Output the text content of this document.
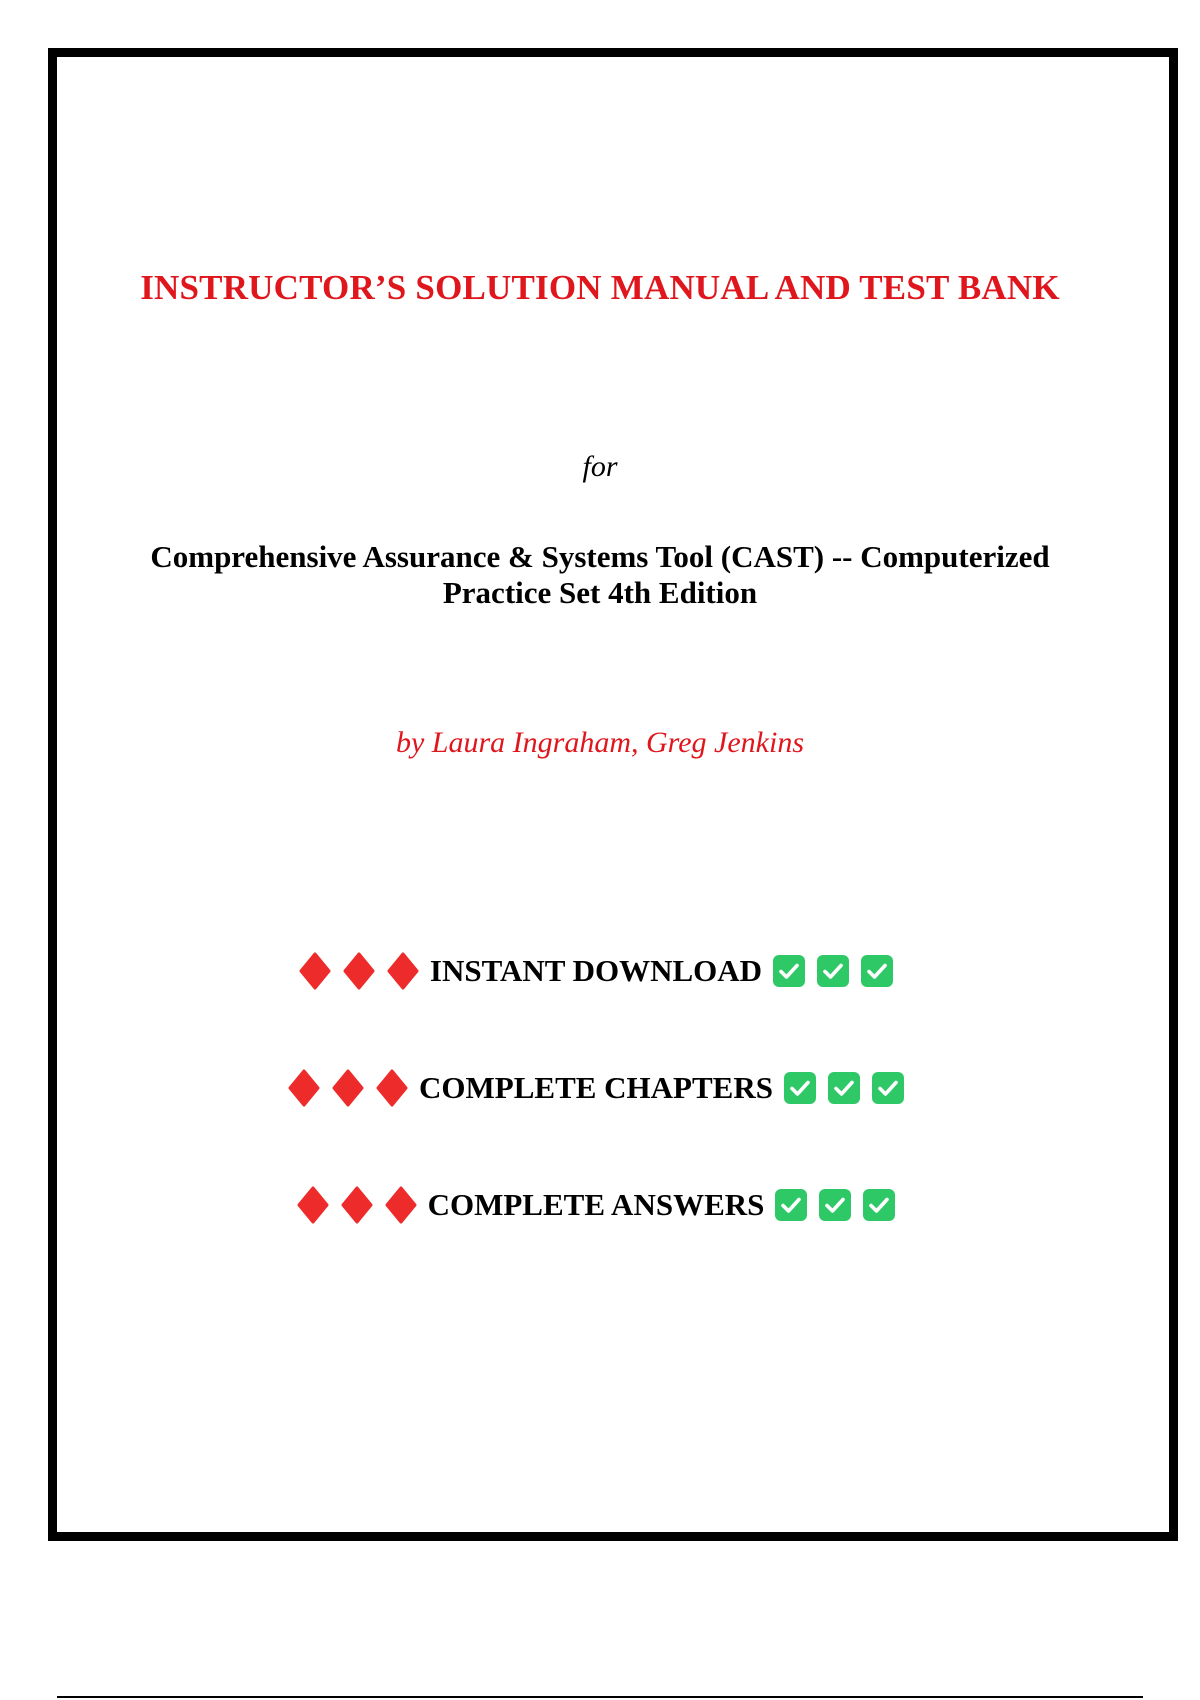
INSTRUCTOR’S SOLUTION MANUAL AND TEST BANK
for
Comprehensive Assurance & Systems Tool (CAST) -- Computerized
Practice Set 4th Edition
by Laura Ingraham, Greg Jenkins
INSTANT DOWNLOAD
COMPLETE CHAPTERS
COMPLETE ANSWERS
